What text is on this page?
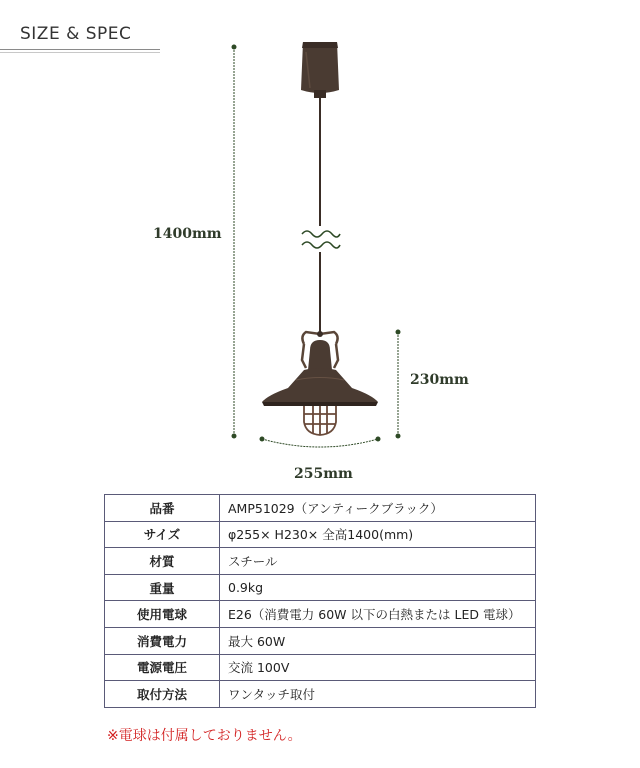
SIZE & SPEC
1400mm
230mm
255mm
品番	AMP51029（アンティークブラック）
サイズ	φ255× H230× 全高1400(mm)
材質	スチール
重量	0.9kg
使用電球	E26（消費電力 60W 以下の白熱または LED 電球）
消費電力	最大 60W
電源電圧	交流 100V
取付方法	ワンタッチ取付
※電球は付属しておりません。
